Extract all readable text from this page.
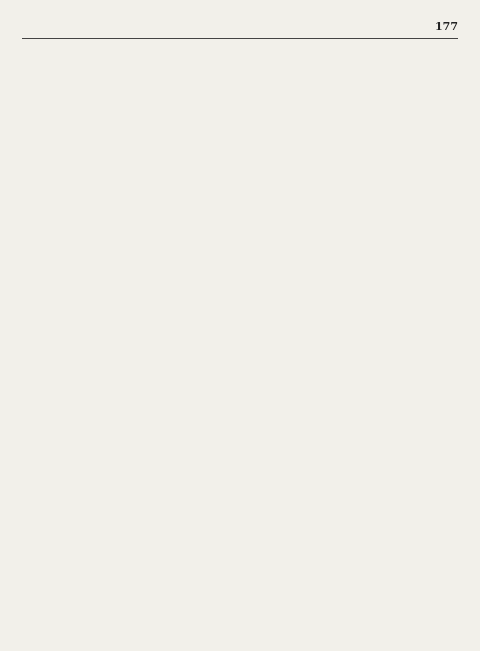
177
